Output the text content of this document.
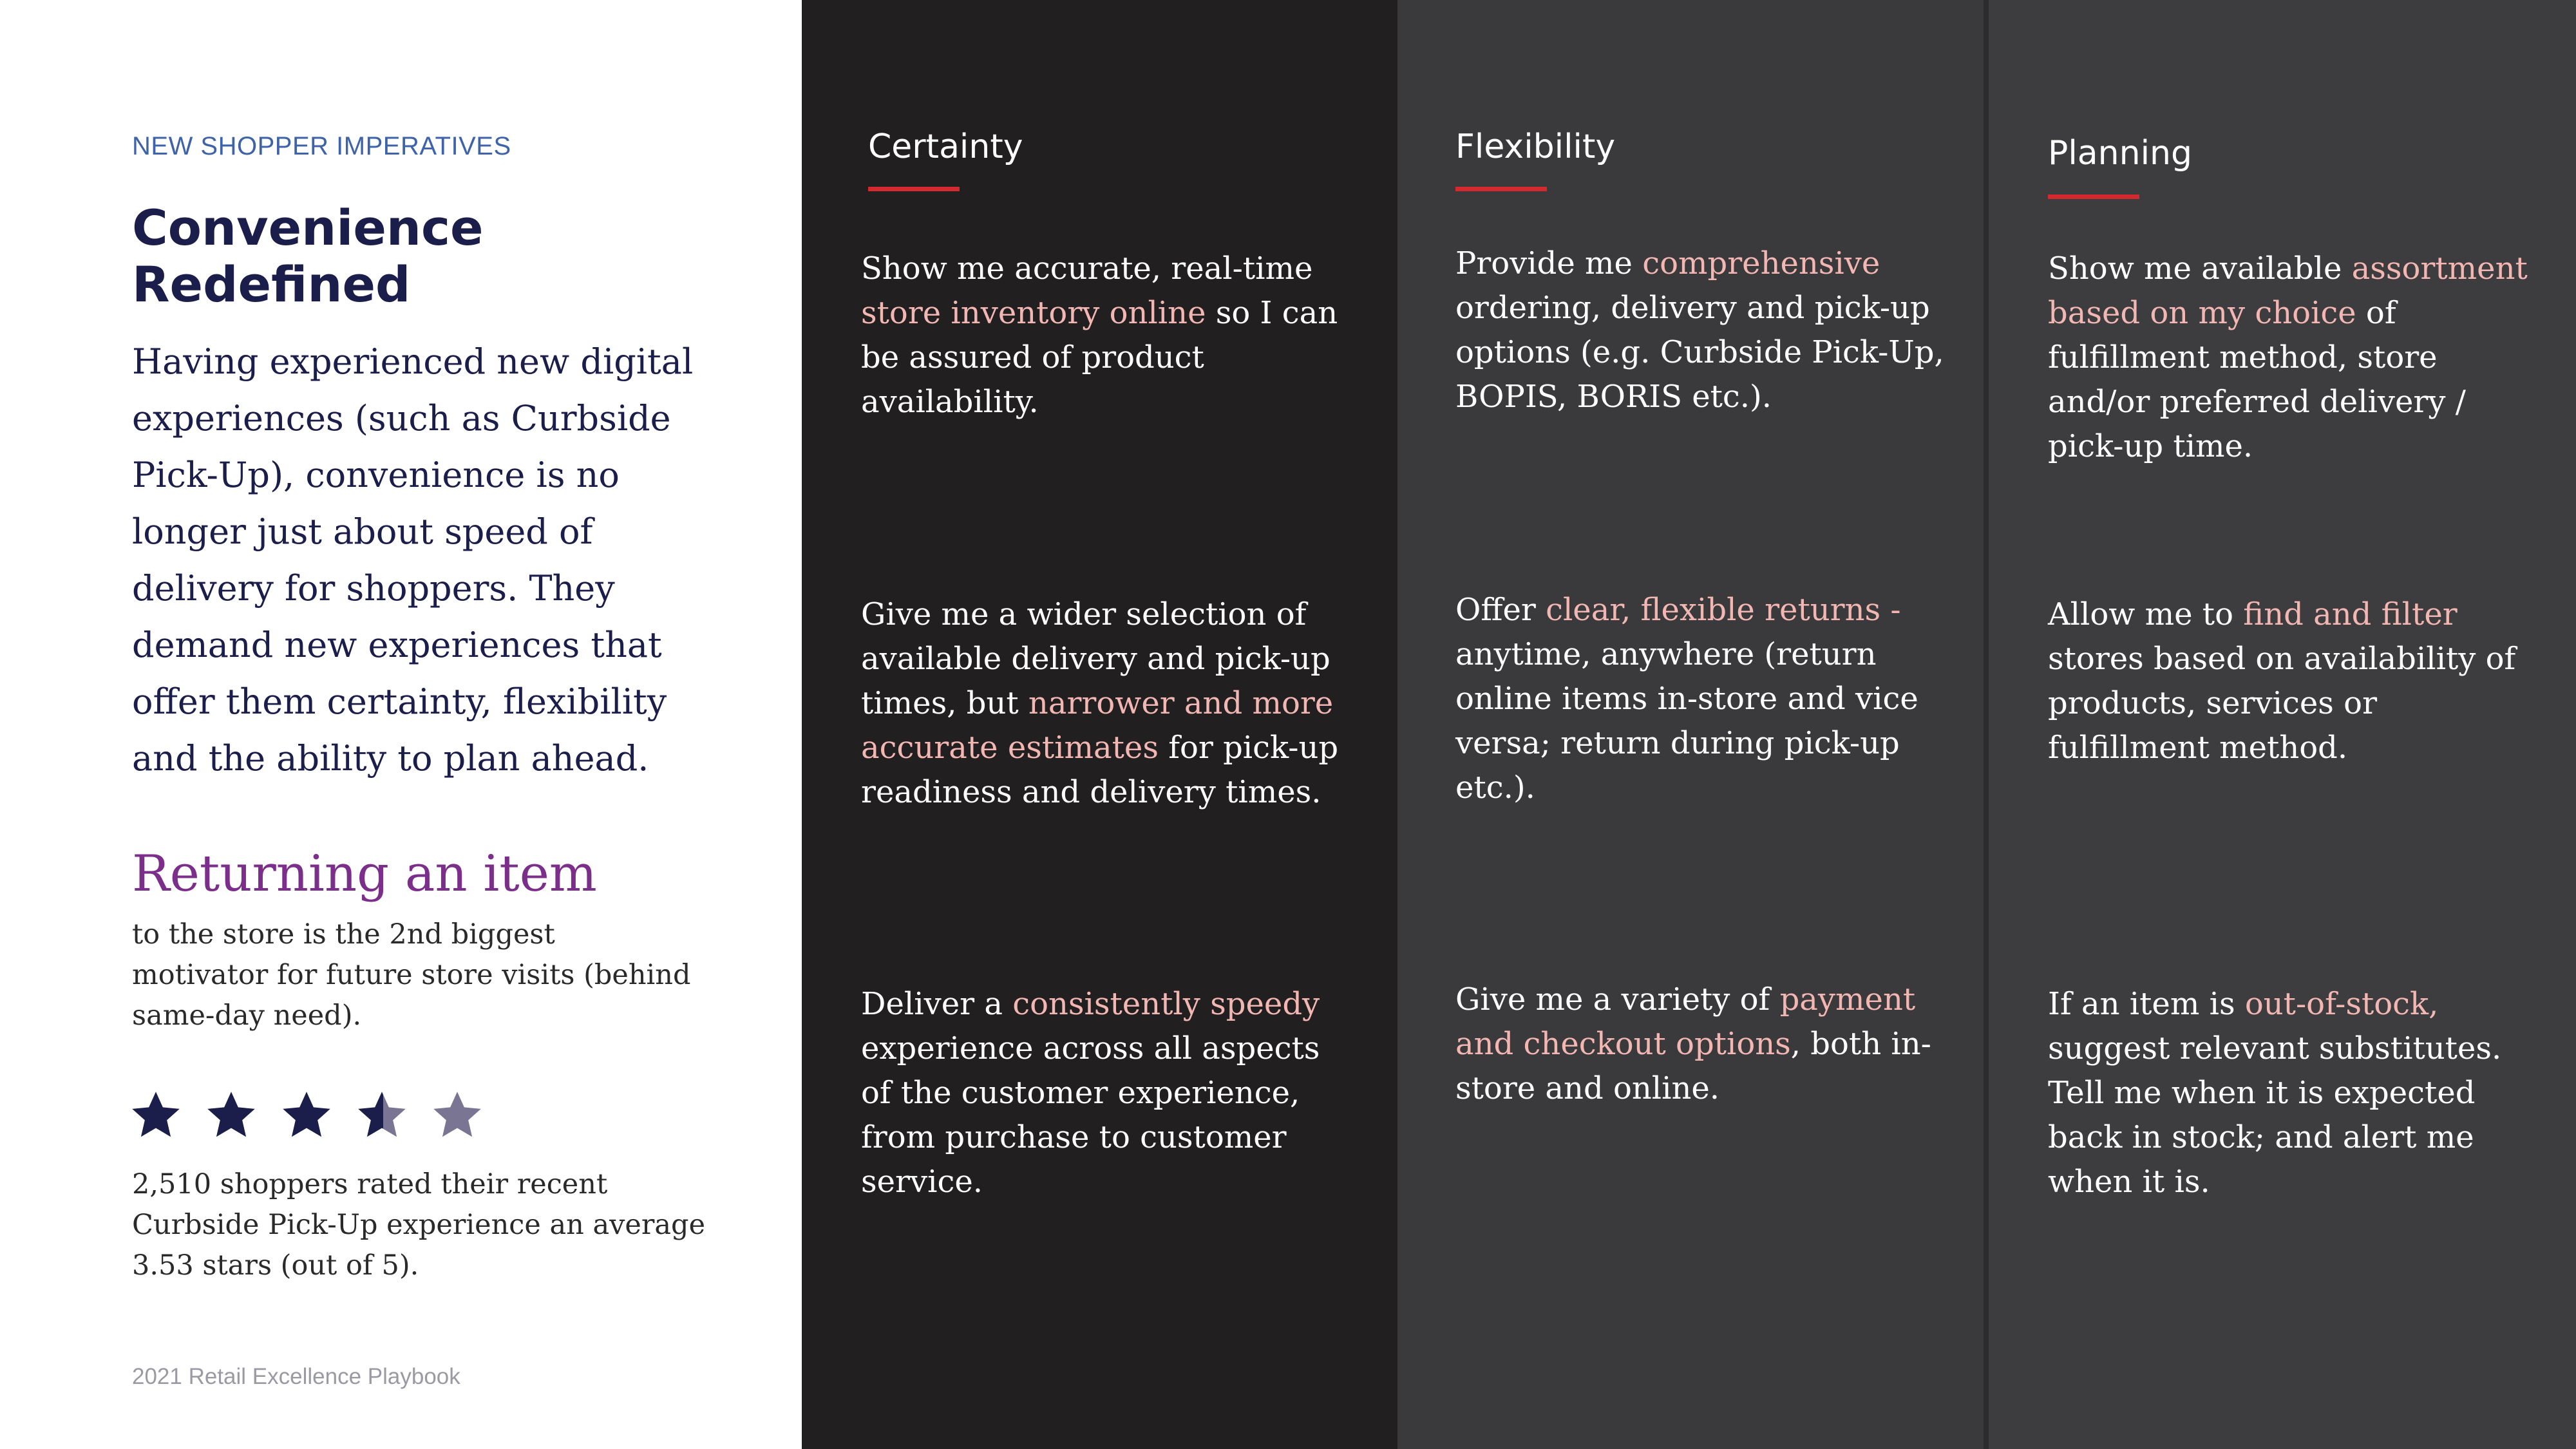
NEW SHOPPER IMPERATIVES
Convenience Redefined
Having experienced new digital experiences (such as Curbside Pick-Up), convenience is no longer just about speed of delivery for shoppers. They demand new experiences that offer them certainty, flexibility and the ability to plan ahead.
Returning an item
to the store is the 2nd biggest motivator for future store visits (behind same-day need).
2,510 shoppers rated their recent Curbside Pick-Up experience an average 3.53 stars (out of 5).
2021 Retail Excellence Playbook
Certainty
Show me accurate, real-time store inventory online so I can be assured of product availability.
Give me a wider selection of available delivery and pick-up times, but narrower and more accurate estimates for pick-up readiness and delivery times.
Deliver a consistently speedy experience across all aspects of the customer experience, from purchase to customer service.
Flexibility
Provide me comprehensive ordering, delivery and pick-up options (e.g. Curbside Pick-Up, BOPIS, BORIS etc.).
Offer clear, flexible returns - anytime, anywhere (return online items in-store and vice versa; return during pick-up etc.).
Give me a variety of payment and checkout options, both in-store and online.
Planning
Show me available assortment based on my choice of fulfillment method, store and/or preferred delivery / pick-up time.
Allow me to find and filter stores based on availability of products, services or fulfillment method.
If an item is out-of-stock, suggest relevant substitutes. Tell me when it is expected back in stock; and alert me when it is.
